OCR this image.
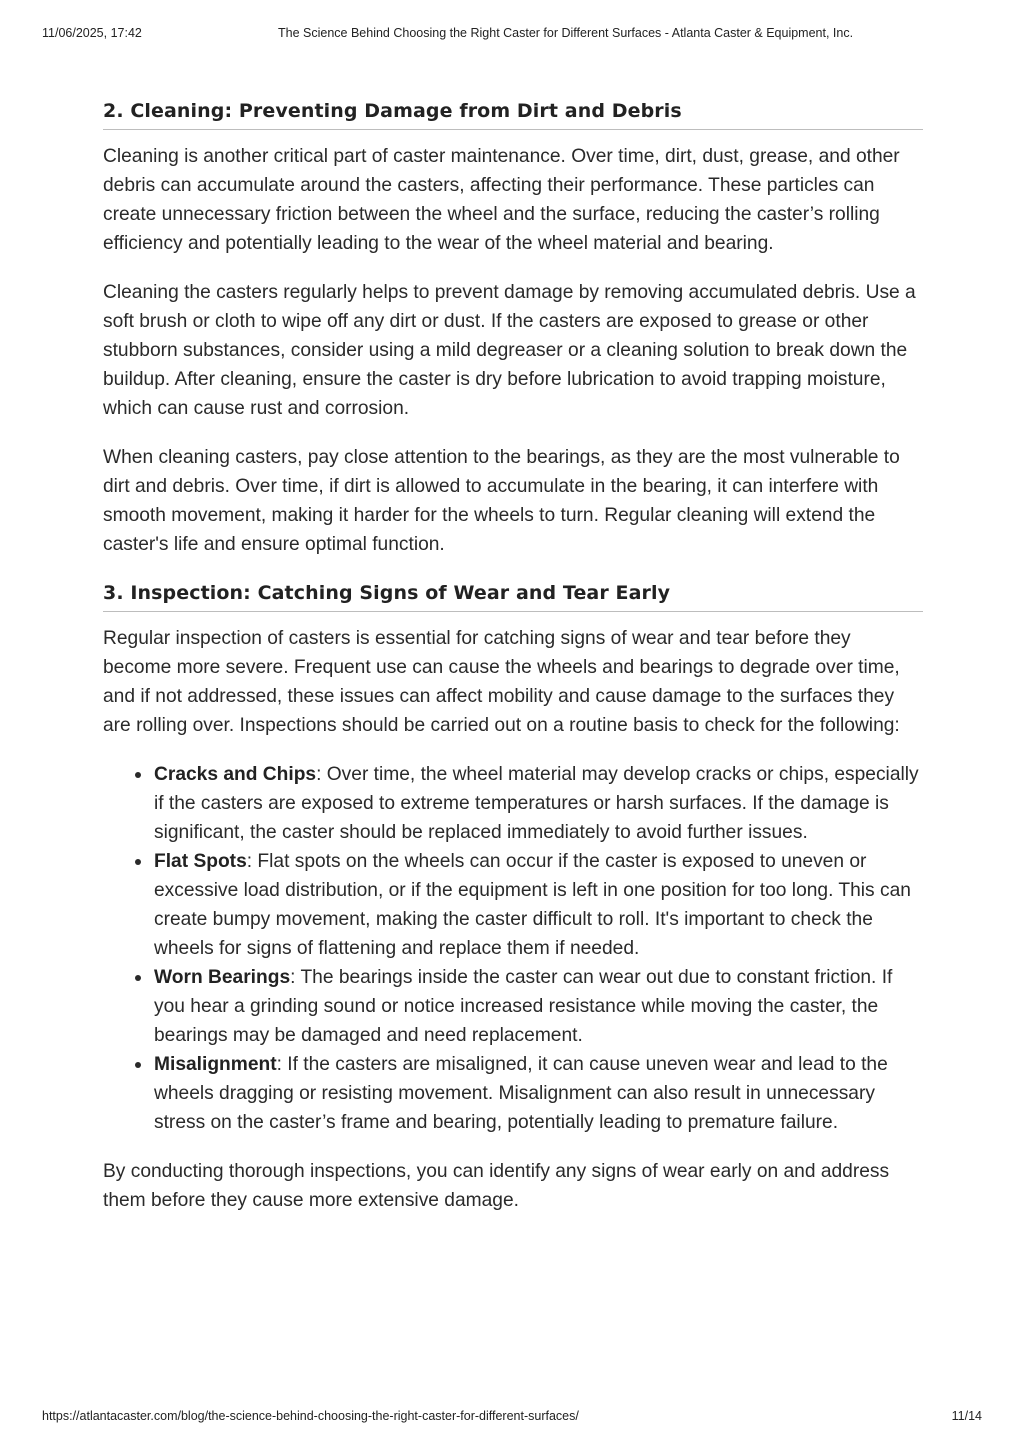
11/06/2025, 17:42	The Science Behind Choosing the Right Caster for Different Surfaces - Atlanta Caster & Equipment, Inc.
2. Cleaning: Preventing Damage from Dirt and Debris

Cleaning is another critical part of caster maintenance. Over time, dirt, dust, grease, and other debris can accumulate around the casters, affecting their performance. These particles can create unnecessary friction between the wheel and the surface, reducing the caster’s rolling efficiency and potentially leading to the wear of the wheel material and bearing.

Cleaning the casters regularly helps to prevent damage by removing accumulated debris. Use a soft brush or cloth to wipe off any dirt or dust. If the casters are exposed to grease or other stubborn substances, consider using a mild degreaser or a cleaning solution to break down the buildup. After cleaning, ensure the caster is dry before lubrication to avoid trapping moisture, which can cause rust and corrosion.

When cleaning casters, pay close attention to the bearings, as they are the most vulnerable to dirt and debris. Over time, if dirt is allowed to accumulate in the bearing, it can interfere with smooth movement, making it harder for the wheels to turn. Regular cleaning will extend the caster's life and ensure optimal function.

3. Inspection: Catching Signs of Wear and Tear Early

Regular inspection of casters is essential for catching signs of wear and tear before they become more severe. Frequent use can cause the wheels and bearings to degrade over time, and if not addressed, these issues can affect mobility and cause damage to the surfaces they are rolling over. Inspections should be carried out on a routine basis to check for the following:

Cracks and Chips: Over time, the wheel material may develop cracks or chips, especially if the casters are exposed to extreme temperatures or harsh surfaces. If the damage is significant, the caster should be replaced immediately to avoid further issues.
Flat Spots: Flat spots on the wheels can occur if the caster is exposed to uneven or excessive load distribution, or if the equipment is left in one position for too long. This can create bumpy movement, making the caster difficult to roll. It's important to check the wheels for signs of flattening and replace them if needed.
Worn Bearings: The bearings inside the caster can wear out due to constant friction. If you hear a grinding sound or notice increased resistance while moving the caster, the bearings may be damaged and need replacement.
Misalignment: If the casters are misaligned, it can cause uneven wear and lead to the wheels dragging or resisting movement. Misalignment can also result in unnecessary stress on the caster’s frame and bearing, potentially leading to premature failure.

By conducting thorough inspections, you can identify any signs of wear early on and address them before they cause more extensive damage.

https://atlantacaster.com/blog/the-science-behind-choosing-the-right-caster-for-different-surfaces/	11/14
